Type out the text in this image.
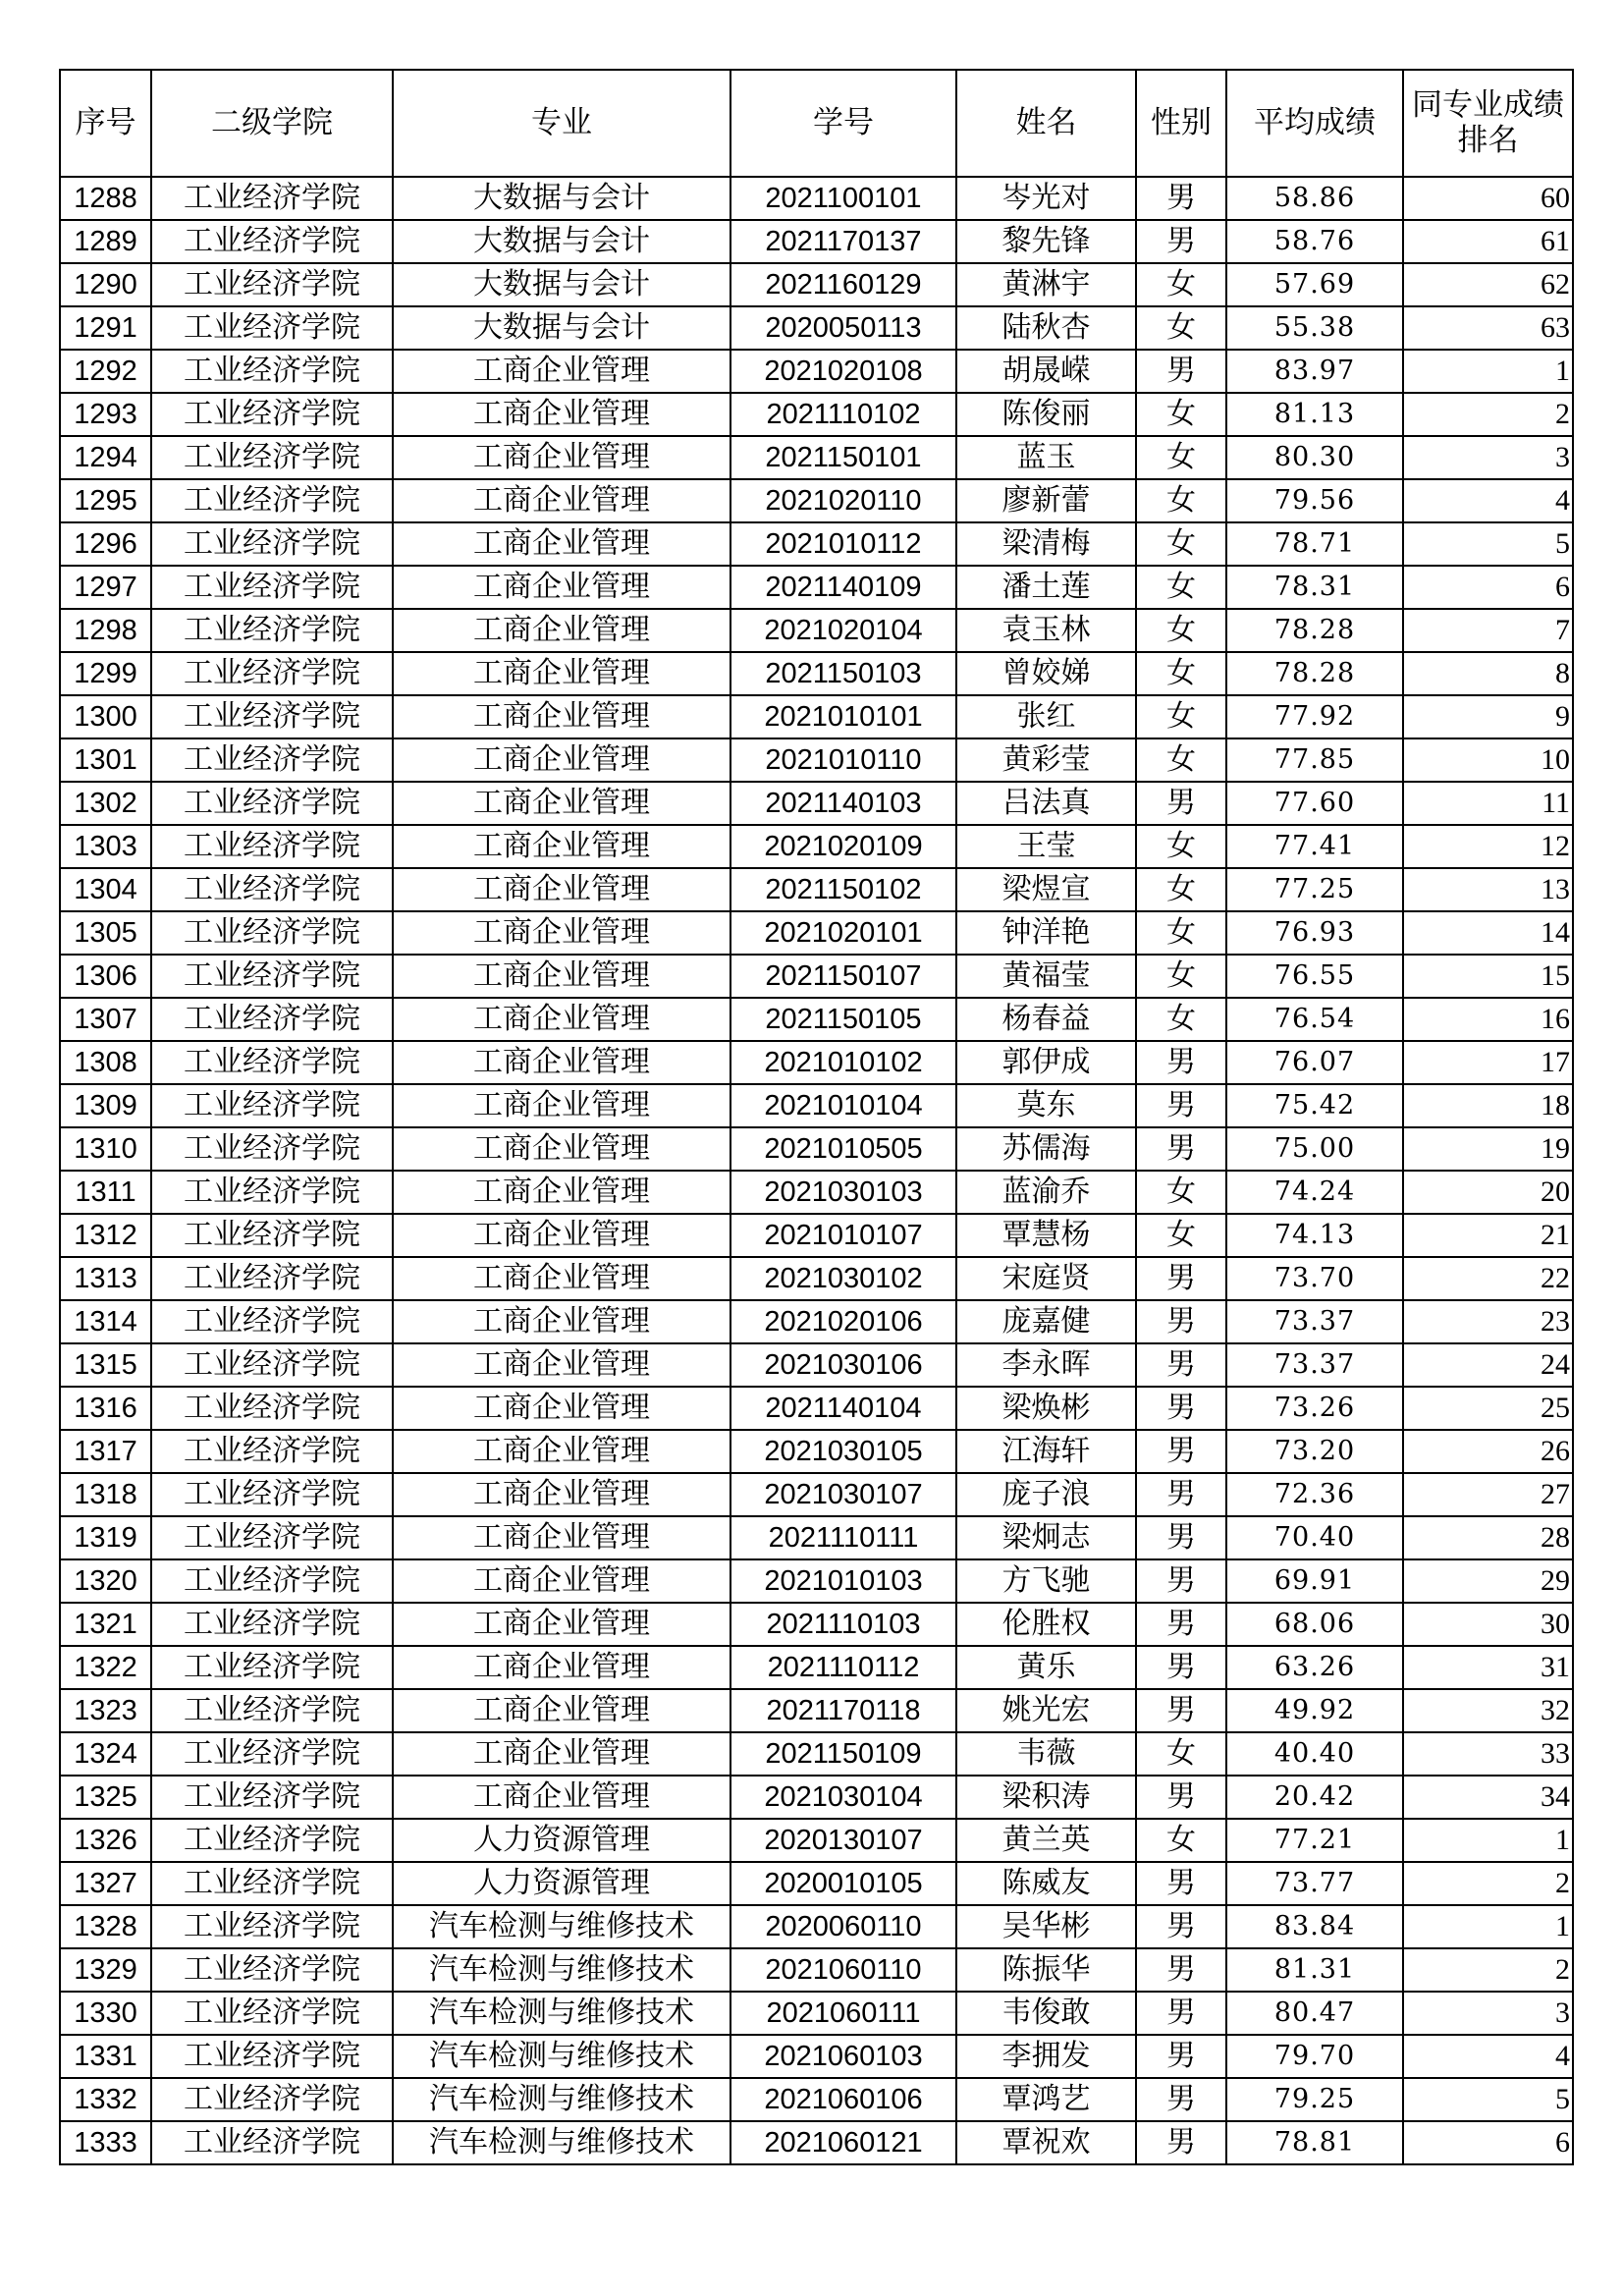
序号	二级学院	专业	学号	姓名	性别	平均成绩	同专业成绩排名
1288	工业经济学院	大数据与会计	2021100101	岑光对	男	58.86	60
1289	工业经济学院	大数据与会计	2021170137	黎先锋	男	58.76	61
1290	工业经济学院	大数据与会计	2021160129	黄淋宇	女	57.69	62
1291	工业经济学院	大数据与会计	2020050113	陆秋杏	女	55.38	63
1292	工业经济学院	工商企业管理	2021020108	胡晟嵘	男	83.97	1
1293	工业经济学院	工商企业管理	2021110102	陈俊丽	女	81.13	2
1294	工业经济学院	工商企业管理	2021150101	蓝玉	女	80.30	3
1295	工业经济学院	工商企业管理	2021020110	廖新蕾	女	79.56	4
1296	工业经济学院	工商企业管理	2021010112	梁清梅	女	78.71	5
1297	工业经济学院	工商企业管理	2021140109	潘土莲	女	78.31	6
1298	工业经济学院	工商企业管理	2021020104	袁玉林	女	78.28	7
1299	工业经济学院	工商企业管理	2021150103	曾姣娣	女	78.28	8
1300	工业经济学院	工商企业管理	2021010101	张红	女	77.92	9
1301	工业经济学院	工商企业管理	2021010110	黄彩莹	女	77.85	10
1302	工业经济学院	工商企业管理	2021140103	吕法真	男	77.60	11
1303	工业经济学院	工商企业管理	2021020109	王莹	女	77.41	12
1304	工业经济学院	工商企业管理	2021150102	梁煜宣	女	77.25	13
1305	工业经济学院	工商企业管理	2021020101	钟洋艳	女	76.93	14
1306	工业经济学院	工商企业管理	2021150107	黄福莹	女	76.55	15
1307	工业经济学院	工商企业管理	2021150105	杨春益	女	76.54	16
1308	工业经济学院	工商企业管理	2021010102	郭伊成	男	76.07	17
1309	工业经济学院	工商企业管理	2021010104	莫东	男	75.42	18
1310	工业经济学院	工商企业管理	2021010505	苏儒海	男	75.00	19
1311	工业经济学院	工商企业管理	2021030103	蓝渝乔	女	74.24	20
1312	工业经济学院	工商企业管理	2021010107	覃慧杨	女	74.13	21
1313	工业经济学院	工商企业管理	2021030102	宋庭贤	男	73.70	22
1314	工业经济学院	工商企业管理	2021020106	庞嘉健	男	73.37	23
1315	工业经济学院	工商企业管理	2021030106	李永晖	男	73.37	24
1316	工业经济学院	工商企业管理	2021140104	梁焕彬	男	73.26	25
1317	工业经济学院	工商企业管理	2021030105	江海轩	男	73.20	26
1318	工业经济学院	工商企业管理	2021030107	庞子浪	男	72.36	27
1319	工业经济学院	工商企业管理	2021110111	梁炯志	男	70.40	28
1320	工业经济学院	工商企业管理	2021010103	方飞驰	男	69.91	29
1321	工业经济学院	工商企业管理	2021110103	伦胜权	男	68.06	30
1322	工业经济学院	工商企业管理	2021110112	黄乐	男	63.26	31
1323	工业经济学院	工商企业管理	2021170118	姚光宏	男	49.92	32
1324	工业经济学院	工商企业管理	2021150109	韦薇	女	40.40	33
1325	工业经济学院	工商企业管理	2021030104	梁积涛	男	20.42	34
1326	工业经济学院	人力资源管理	2020130107	黄兰英	女	77.21	1
1327	工业经济学院	人力资源管理	2020010105	陈威友	男	73.77	2
1328	工业经济学院	汽车检测与维修技术	2020060110	吴华彬	男	83.84	1
1329	工业经济学院	汽车检测与维修技术	2021060110	陈振华	男	81.31	2
1330	工业经济学院	汽车检测与维修技术	2021060111	韦俊敢	男	80.47	3
1331	工业经济学院	汽车检测与维修技术	2021060103	李拥发	男	79.70	4
1332	工业经济学院	汽车检测与维修技术	2021060106	覃鸿艺	男	79.25	5
1333	工业经济学院	汽车检测与维修技术	2021060121	覃祝欢	男	78.81	6
